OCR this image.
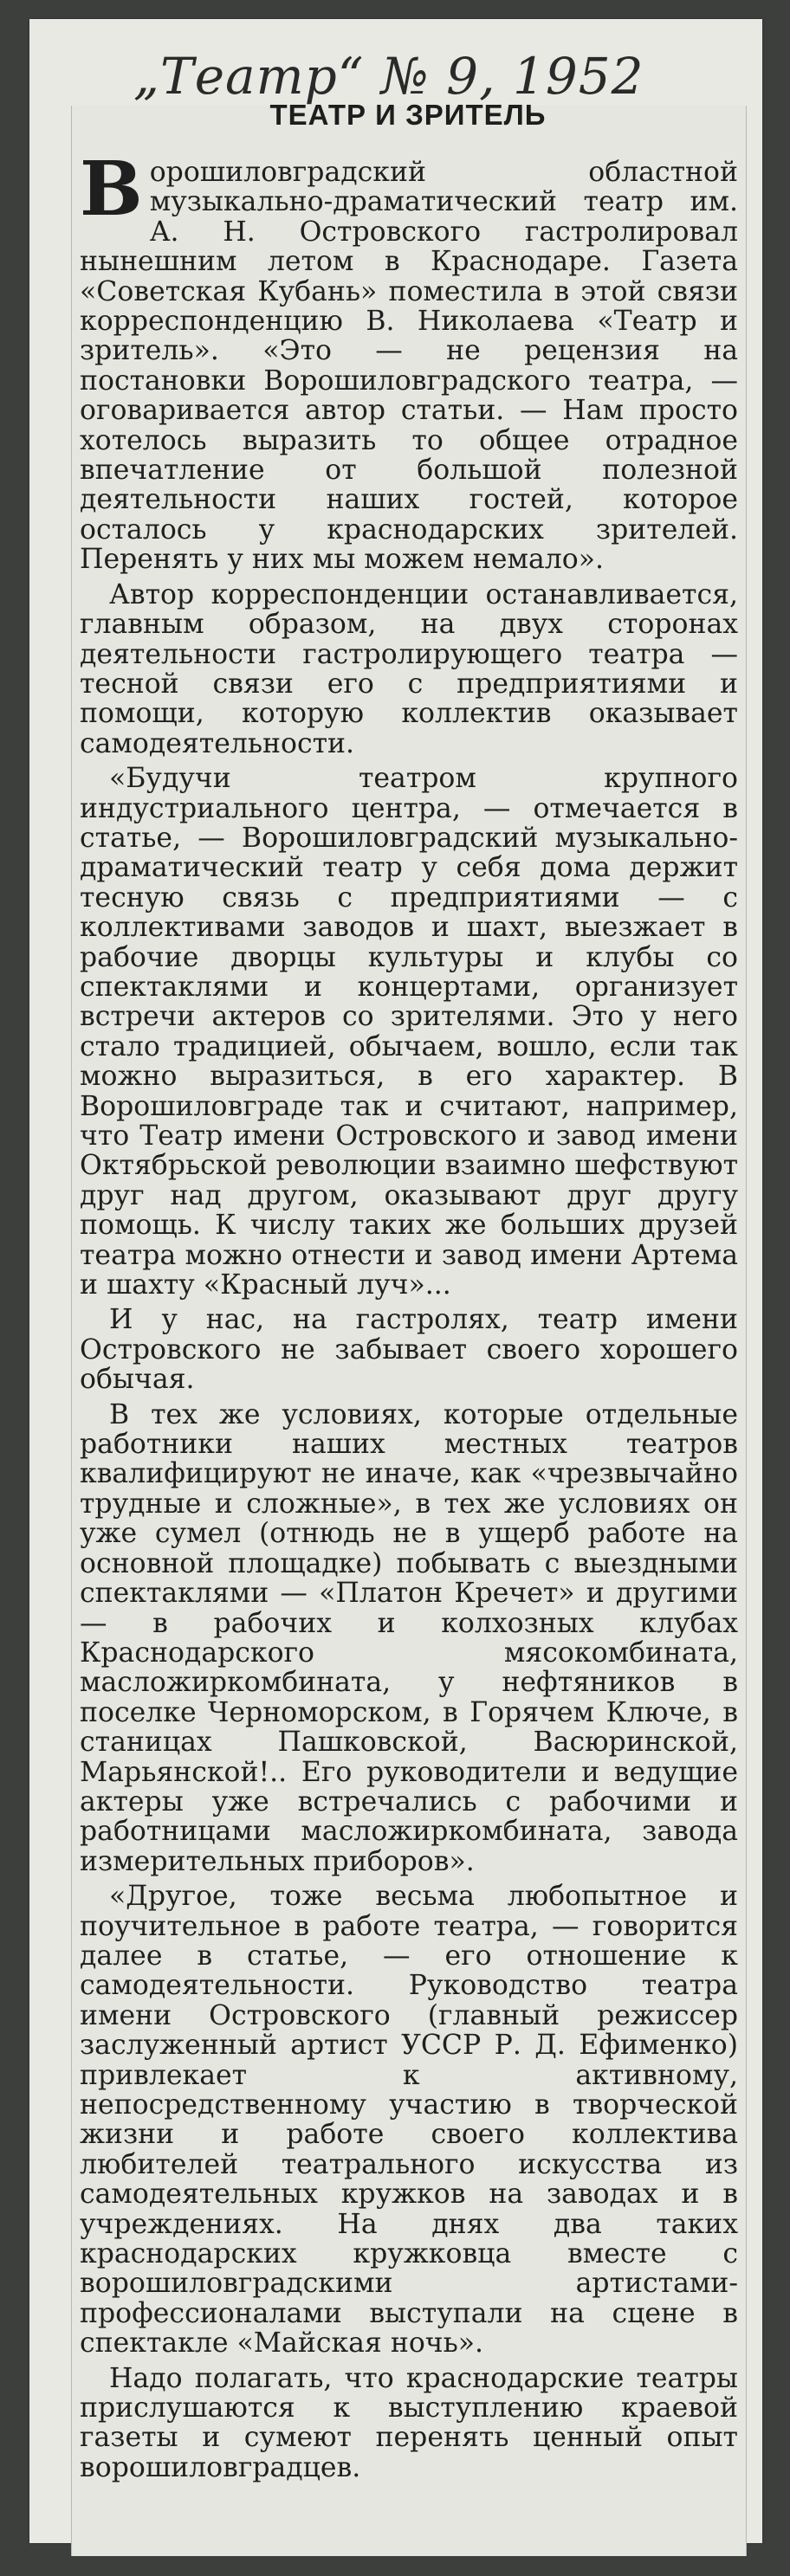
„Театр“ № 9, 1952

ТЕАТР И ЗРИТЕЛЬ

Ворошиловградский областной музыкально-драматический театр им. А. Н. Островского гастролировал нынешним летом в Краснодаре. Газета «Советская Кубань» поместила в этой связи корреспонденцию В. Николаева «Театр и зритель». «Это — не рецензия на постановки Ворошиловградского театра, — оговаривается автор статьи. — Нам просто хотелось выразить то общее отрадное впечатление от большой полезной деятельности наших гостей, которое осталось у краснодарских зрителей. Перенять у них мы можем немало».

Автор корреспонденции останавливается, главным образом, на двух сторонах деятельности гастролирующего театра — тесной связи его с предприятиями и помощи, которую коллектив оказывает самодеятельности.

«Будучи театром крупного индустриального центра, — отмечается в статье, — Ворошиловградский музыкально-драматический театр у себя дома держит тесную связь с предприятиями — с коллективами заводов и шахт, выезжает в рабочие дворцы культуры и клубы со спектаклями и концертами, организует встречи актеров со зрителями. Это у него стало традицией, обычаем, вошло, если так можно выразиться, в его характер. В Ворошиловграде так и считают, например, что Театр имени Островского и завод имени Октябрьской революции взаимно шефствуют друг над другом, оказывают друг другу помощь. К числу таких же больших друзей театра можно отнести и завод имени Артема и шахту «Красный луч»...

И у нас, на гастролях, театр имени Островского не забывает своего хорошего обычая.

В тех же условиях, которые отдельные работники наших местных театров квалифицируют не иначе, как «чрезвычайно трудные и сложные», в тех же условиях он уже сумел (отнюдь не в ущерб работе на основной площадке) побывать с выездными спектаклями — «Платон Кречет» и другими — в рабочих и колхозных клубах Краснодарского мясокомбината, масложиркомбината, у нефтяников в поселке Черноморском, в Горячем Ключе, в станицах Пашковской, Васюринской, Марьянской!.. Его руководители и ведущие актеры уже встречались с рабочими и работницами масложиркомбината, завода измерительных приборов».

«Другое, тоже весьма любопытное и поучительное в работе театра, — говорится далее в статье, — его отношение к самодеятельности. Руководство театра имени Островского (главный режиссер заслуженный артист УССР Р. Д. Ефименко) привлекает к активному, непосредственному участию в творческой жизни и работе своего коллектива любителей театрального искусства из самодеятельных кружков на заводах и в учреждениях. На днях два таких краснодарских кружковца вместе с ворошиловградскими артистами-профессионалами выступали на сцене в спектакле «Майская ночь».

Надо полагать, что краснодарские театры прислушаются к выступлению краевой газеты и сумеют перенять ценный опыт ворошиловградцев.
